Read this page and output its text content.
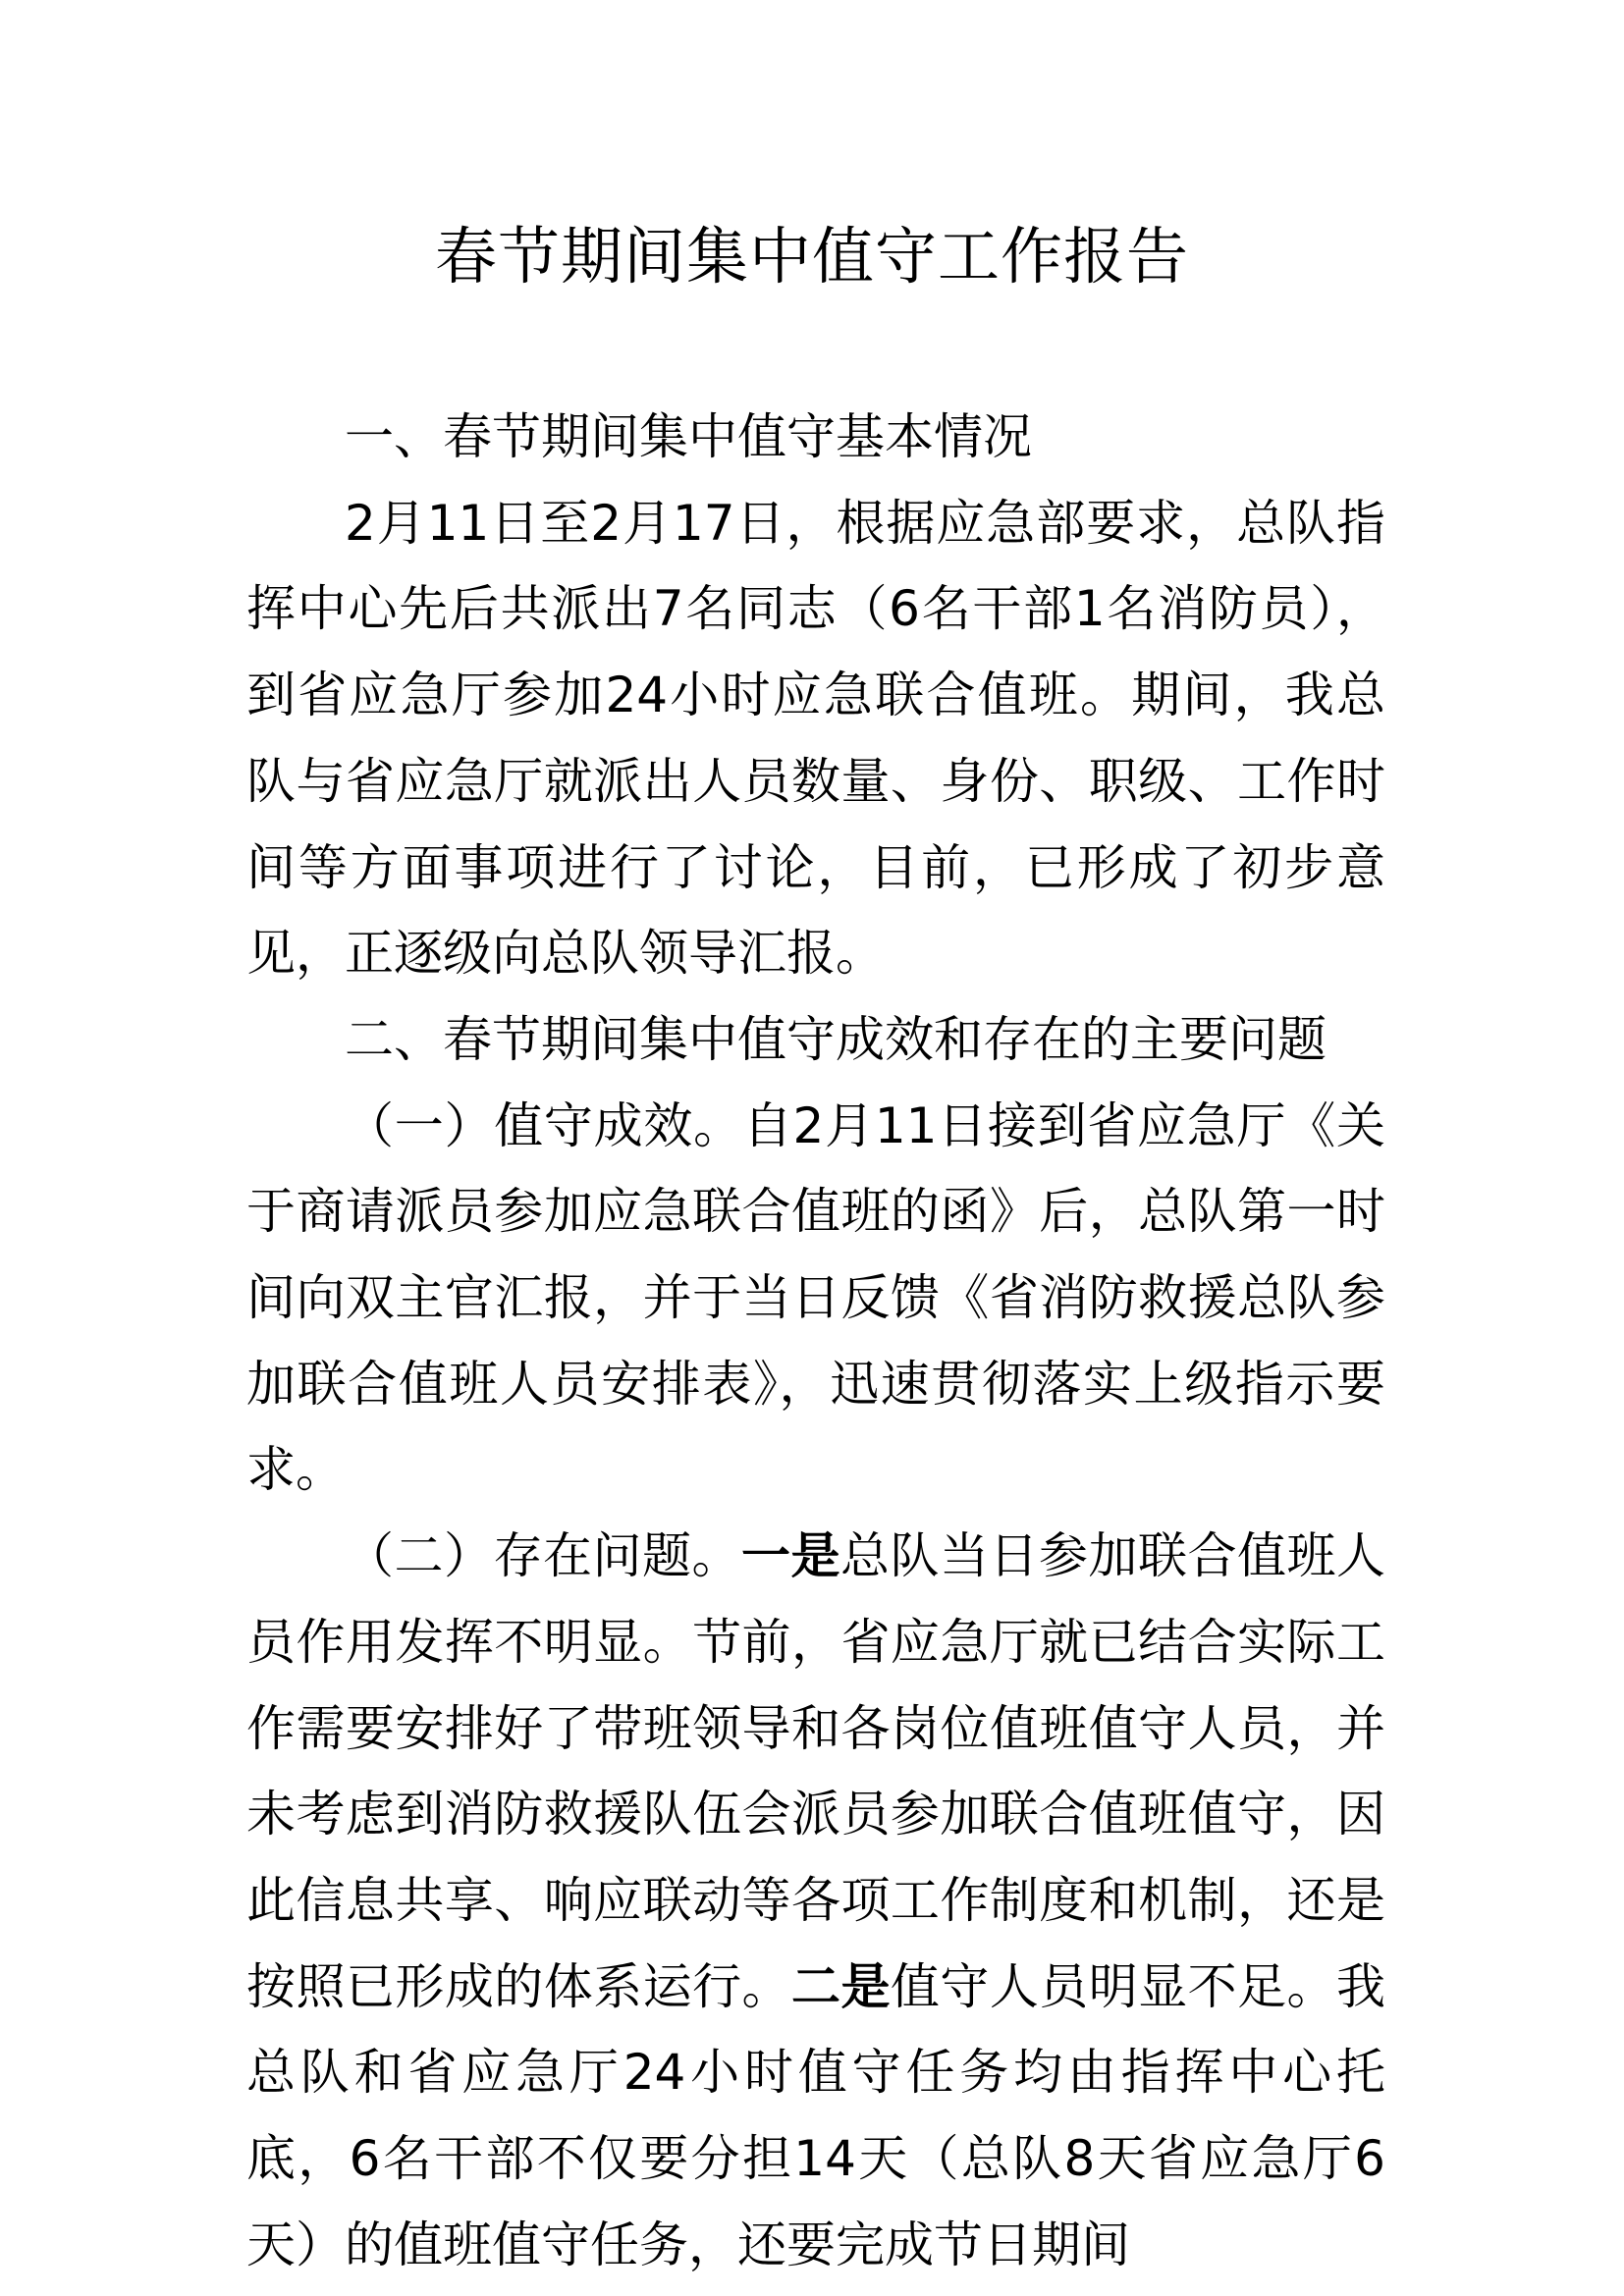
春节期间集中值守工作报告

一、春节期间集中值守基本情况

2月11日至2月17日，根据应急部要求，总队指挥中心先后共派出7名同志（6名干部1名消防员），到省应急厅参加24小时应急联合值班。期间，我总队与省应急厅就派出人员数量、身份、职级、工作时间等方面事项进行了讨论，目前，已形成了初步意见，正逐级向总队领导汇报。

二、春节期间集中值守成效和存在的主要问题

（一）值守成效。自2月11日接到省应急厅《关于商请派员参加应急联合值班的函》后，总队第一时间向双主官汇报，并于当日反馈《省消防救援总队参加联合值班人员安排表》，迅速贯彻落实上级指示要求。

（二）存在问题。一是总队当日参加联合值班人员作用发挥不明显。节前，省应急厅就已结合实际工作需要安排好了带班领导和各岗位值班值守人员，并未考虑到消防救援队伍会派员参加联合值班值守，因此信息共享、响应联动等各项工作制度和机制，还是按照已形成的体系运行。二是值守人员明显不足。我总队和省应急厅24小时值守任务均由指挥中心托底，6名干部不仅要分担14天（总队8天省应急厅6天）的值班值守任务，还要完成节日期间
